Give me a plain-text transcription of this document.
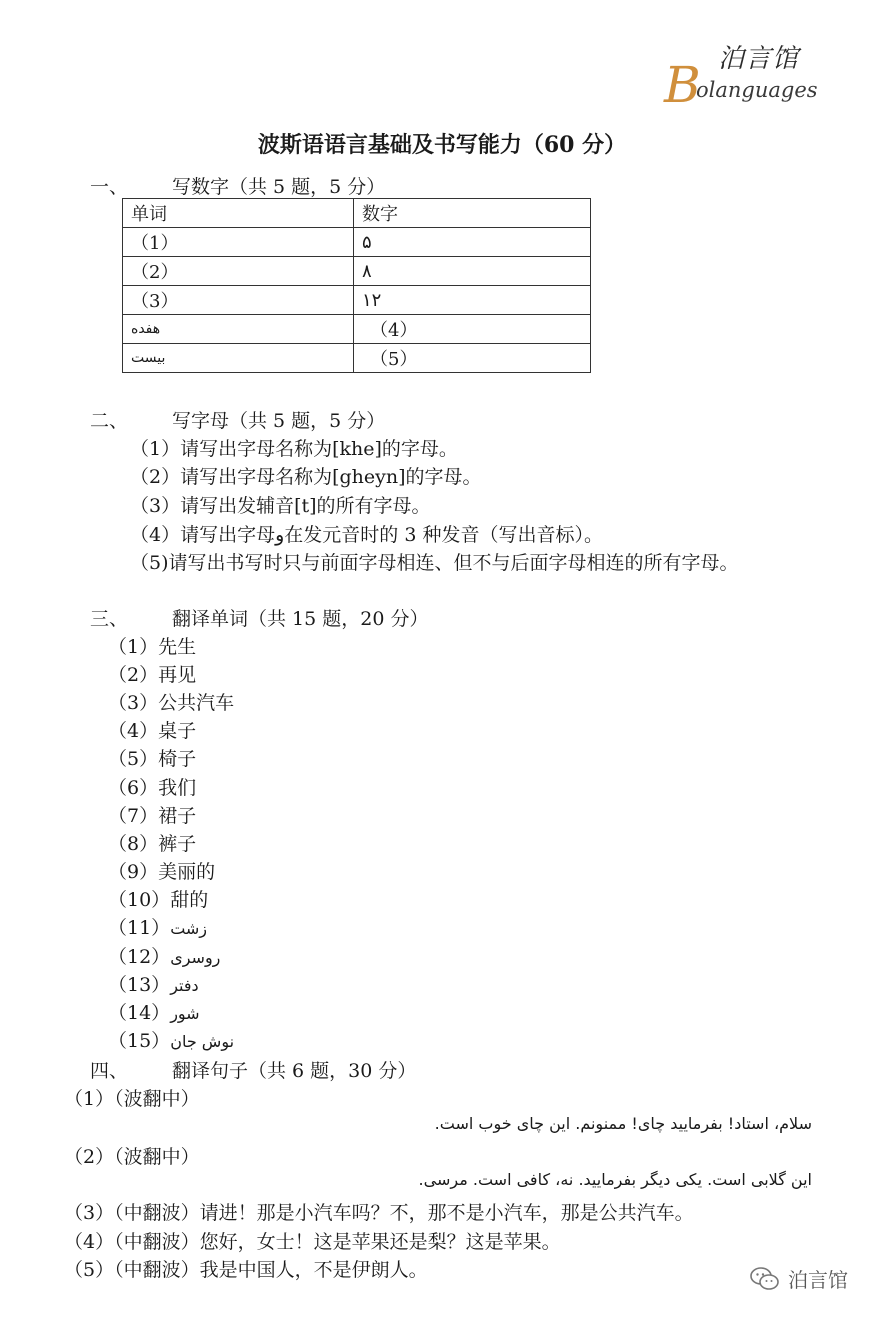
泊言馆
B
olanguages
波斯语语言基础及书写能力（60 分）
一、 写数字（共 5 题，5 分）
单词	数字
（1）	۵
（2）	۸
（3）	۱۲
هفده	（4）
بیست	（5）
二、 写字母（共 5 题，5 分）
（1）请写出字母名称为[khe]的字母。
（2）请写出字母名称为[gheyn]的字母。
（3）请写出发辅音[t]的所有字母。
（4）请写出字母و在发元音时的 3 种发音（写出音标）。
（5)请写出书写时只与前面字母相连、但不与后面字母相连的所有字母。
三、 翻译单词（共 15 题，20 分）
（1）先生
（2）再见
（3）公共汽车
（4）桌子
（5）椅子
（6）我们
（7）裙子
（8）裤子
（9）美丽的
（10）甜的
（11）زشت
（12）روسری
（13）دفتر
（14）شور
（15）نوش جان
四、 翻译句子（共 6 题，30 分）
（1）（波翻中）
سلام، استاد! بفرمایید چای! ممنونم. این چای خوب است.
（2）（波翻中）
این گلابی است. یکی دیگر بفرمایید. نه، کافی است. مرسی.
（3）（中翻波）请进！那是小汽车吗？不，那不是小汽车，那是公共汽车。
（4）（中翻波）您好，女士！这是苹果还是梨？这是苹果。
（5）（中翻波）我是中国人，不是伊朗人。	泊言馆
